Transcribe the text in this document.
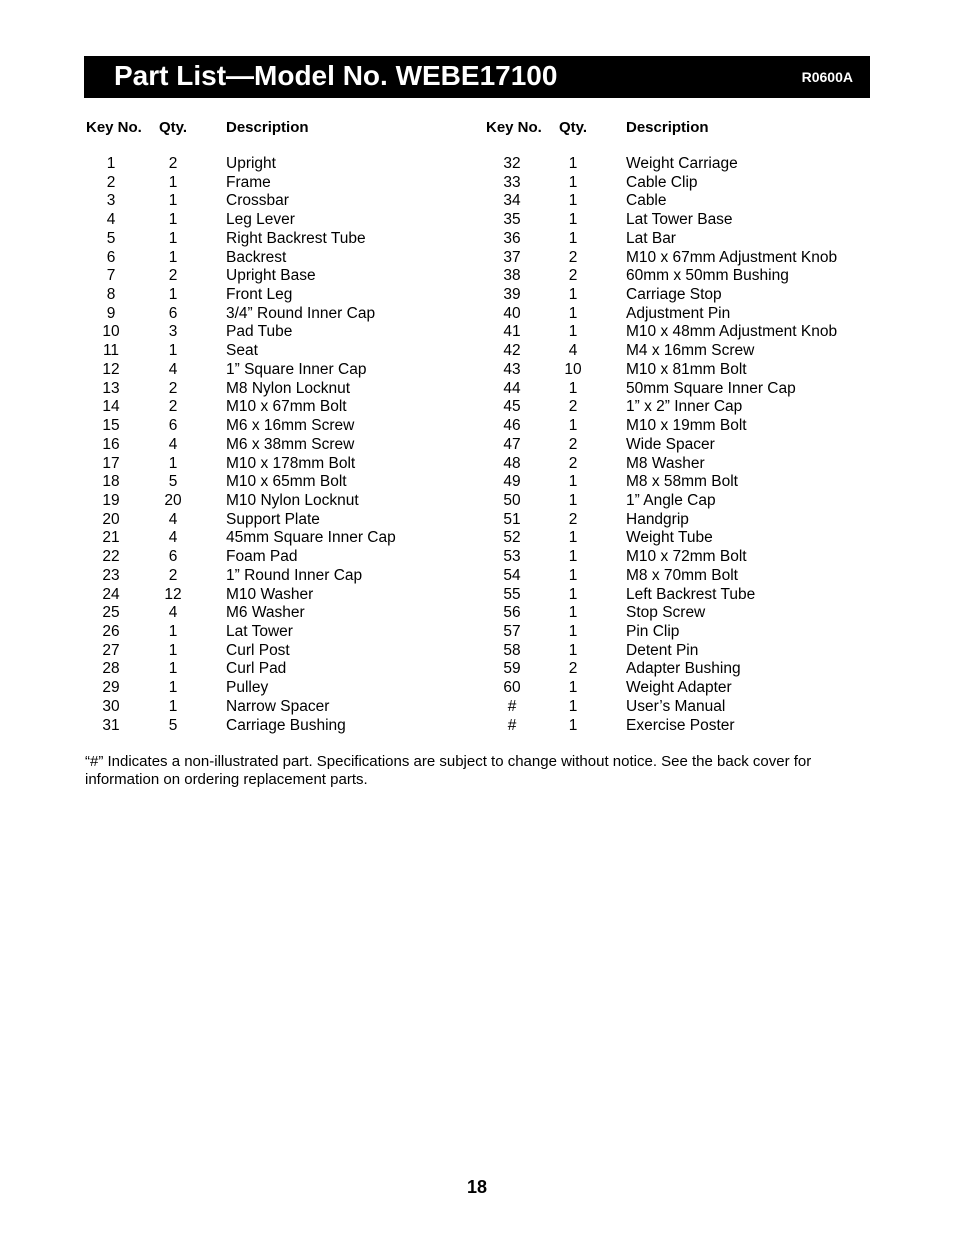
Part List—Model No. WEBE17100	R0600A
Key No. Qty.	Description	Key No. Qty.	Description
1	2	Upright
2	1	Frame
3	1	Crossbar
4	1	Leg Lever
5	1	Right Backrest Tube
6	1	Backrest
7	2	Upright Base
8	1	Front Leg
9	6	3/4” Round Inner Cap
10	3	Pad Tube
11	1	Seat
12	4	1” Square Inner Cap
13	2	M8 Nylon Locknut
14	2	M10 x 67mm Bolt
15	6	M6 x 16mm Screw
16	4	M6 x 38mm Screw
17	1	M10 x 178mm Bolt
18	5	M10 x 65mm Bolt
19	20	M10 Nylon Locknut
20	4	Support Plate
21	4	45mm Square Inner Cap
22	6	Foam Pad
23	2	1” Round Inner Cap
24	12	M10 Washer
25	4	M6 Washer
26	1	Lat Tower
27	1	Curl Post
28	1	Curl Pad
29	1	Pulley
30	1	Narrow Spacer
31	5	Carriage Bushing
32	1	Weight Carriage
33	1	Cable Clip
34	1	Cable
35	1	Lat Tower Base
36	1	Lat Bar
37	2	M10 x 67mm Adjustment Knob
38	2	60mm x 50mm Bushing
39	1	Carriage Stop
40	1	Adjustment Pin
41	1	M10 x 48mm Adjustment Knob
42	4	M4 x 16mm Screw
43	10	M10 x 81mm Bolt
44	1	50mm Square Inner Cap
45	2	1” x 2” Inner Cap
46	1	M10 x 19mm Bolt
47	2	Wide Spacer
48	2	M8 Washer
49	1	M8 x 58mm Bolt
50	1	1” Angle Cap
51	2	Handgrip
52	1	Weight Tube
53	1	M10 x 72mm Bolt
54	1	M8 x 70mm Bolt
55	1	Left Backrest Tube
56	1	Stop Screw
57	1	Pin Clip
58	1	Detent Pin
59	2	Adapter Bushing
60	1	Weight Adapter
#	1	User’s Manual
#	1	Exercise Poster
“#” Indicates a non-illustrated part. Specifications are subject to change without notice. See the back cover for information on ordering replacement parts.
18
